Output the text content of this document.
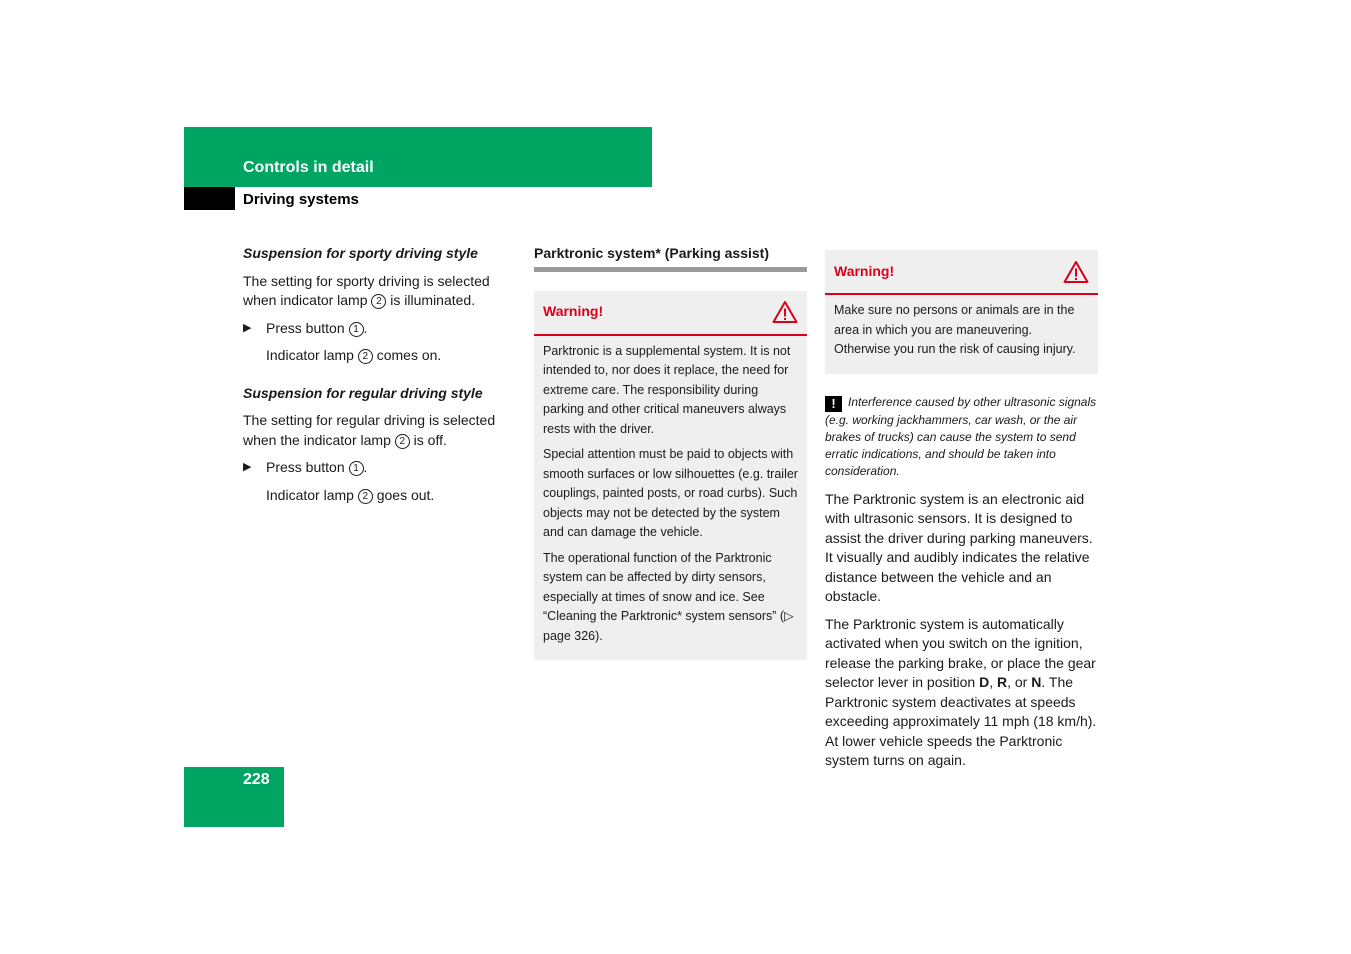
Controls in detail
Driving systems
Suspension for sporty driving style

The setting for sporty driving is selected when indicator lamp 2 is illuminated.

▶ Press button 1 .
Indicator lamp 2 comes on.
Suspension for regular driving style

The setting for regular driving is selected when the indicator lamp 2 is off.

▶ Press button 1 .
Indicator lamp 2 goes out.
Parktronic system* (Parking assist)
Warning!

Parktronic is a supplemental system. It is not intended to, nor does it replace, the need for extreme care. The responsibility during parking and other critical maneuvers always rests with the driver.

Special attention must be paid to objects with smooth surfaces or low silhouettes (e.g. trailer couplings, painted posts, or road curbs). Such objects may not be detected by the system and can damage the vehicle.

The operational function of the Parktronic system can be affected by dirty sensors, especially at times of snow and ice. See “Cleaning the Parktronic* system sensors” (▷ page 326).

Warning!

Make sure no persons or animals are in the area in which you are maneuvering. Otherwise you run the risk of causing injury.

! Interference caused by other ultrasonic signals (e.g. working jackhammers, car wash, or the air brakes of trucks) can cause the system to send erratic indications, and should be taken into consideration.

The Parktronic system is an electronic aid with ultrasonic sensors. It is designed to assist the driver during parking maneuvers. It visually and audibly indicates the relative distance between the vehicle and an obstacle.

The Parktronic system is automatically activated when you switch on the ignition, release the parking brake, or place the gear selector lever in position D, R, or N. The Parktronic system deactivates at speeds exceeding approximately 11 mph (18 km/h). At lower vehicle speeds the Parktronic system turns on again.

228
